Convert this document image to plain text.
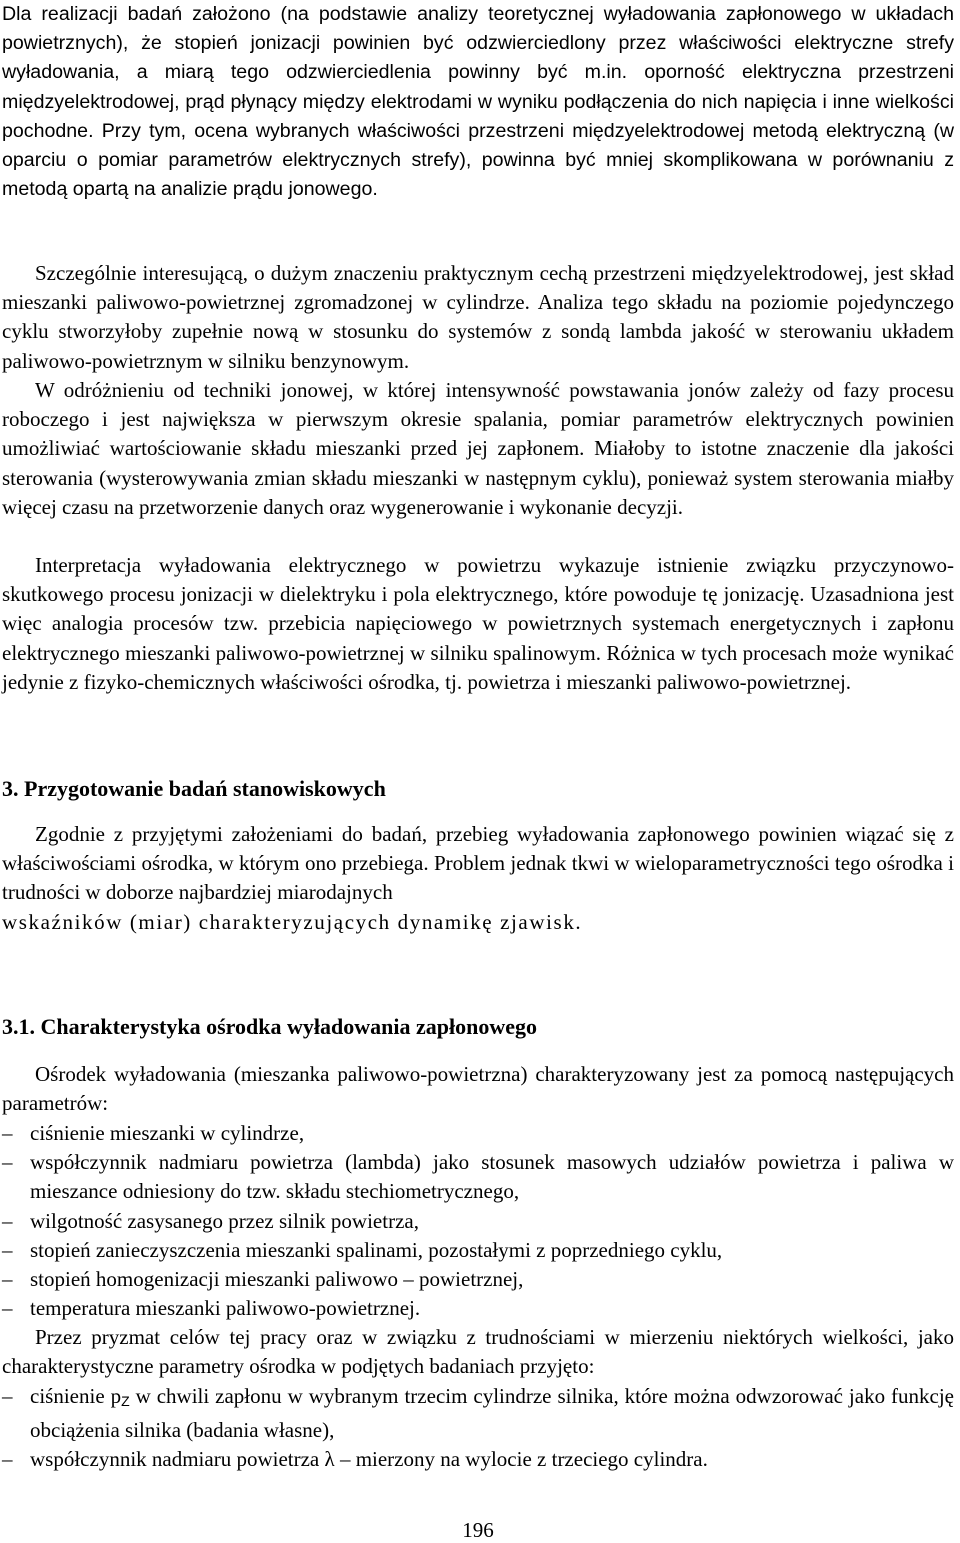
Dla realizacji badań założono (na podstawie analizy teoretycznej wyładowania zapłonowego w układach powietrznych), że stopień jonizacji powinien być odzwierciedlony przez właściwości elektryczne strefy wyładowania, a miarą tego odzwierciedlenia powinny być m.in. oporność elektryczna przestrzeni międzyelektrodowej, prąd płynący między elektrodami w wyniku podłączenia do nich napięcia i inne wielkości pochodne. Przy tym, ocena wybranych właściwości przestrzeni międzyelektrodowej metodą elektryczną (w oparciu o pomiar parametrów elektrycznych strefy), powinna być mniej skomplikowana w porównaniu z metodą opartą na analizie prądu jonowego.

Szczególnie interesującą, o dużym znaczeniu praktycznym cechą przestrzeni międzyelektrodowej, jest skład mieszanki paliwowo-powietrznej zgromadzonej w cylindrze. Analiza tego składu na poziomie pojedynczego cyklu stworzyłoby zupełnie nową w stosunku do systemów z sondą lambda jakość w sterowaniu układem paliwowo-powietrznym w silniku benzynowym.

W odróżnieniu od techniki jonowej, w której intensywność powstawania jonów zależy od fazy procesu roboczego i jest największa w pierwszym okresie spalania, pomiar parametrów elektrycznych powinien umożliwiać wartościowanie składu mieszanki przed jej zapłonem. Miałoby to istotne znaczenie dla jakości sterowania (wysterowywania zmian składu mieszanki w następnym cyklu), ponieważ system sterowania miałby więcej czasu na przetworzenie danych oraz wygenerowanie i wykonanie decyzji.

Interpretacja wyładowania elektrycznego w powietrzu wykazuje istnienie związku przyczynowo-skutkowego procesu jonizacji w dielektryku i pola elektrycznego, które powoduje tę jonizację. Uzasadniona jest więc analogia procesów tzw. przebicia napięciowego w powietrznych systemach energetycznych i zapłonu elektrycznego mieszanki paliwowo-powietrznej w silniku spalinowym. Różnica w tych procesach może wynikać jedynie z fizyko-chemicznych właściwości ośrodka, tj. powietrza i mieszanki paliwowo-powietrznej.

3. Przygotowanie badań stanowiskowych

Zgodnie z przyjętymi założeniami do badań, przebieg wyładowania zapłonowego powinien wiązać się z właściwościami ośrodka, w którym ono przebiega. Problem jednak tkwi w wieloparametryczności tego ośrodka i trudności w doborze najbardziej miarodajnych
wskaźników (miar) charakteryzujących dynamikę zjawisk.

3.1. Charakterystyka ośrodka wyładowania zapłonowego

Ośrodek wyładowania (mieszanka paliwowo-powietrzna) charakteryzowany jest za pomocą następujących parametrów:

– ciśnienie mieszanki w cylindrze,
– współczynnik nadmiaru powietrza (lambda) jako stosunek masowych udziałów powietrza i paliwa w mieszance odniesiony do tzw. składu stechiometrycznego,
– wilgotność zasysanego przez silnik powietrza,
– stopień zanieczyszczenia mieszanki spalinami, pozostałymi z poprzedniego cyklu,
– stopień homogenizacji mieszanki paliwowo – powietrznej,
– temperatura mieszanki paliwowo-powietrznej.

Przez pryzmat celów tej pracy oraz w związku z trudnościami w mierzeniu niektórych wielkości, jako charakterystyczne parametry ośrodka w podjętych badaniach przyjęto:

– ciśnienie $p_Z$ w chwili zapłonu w wybranym trzecim cylindrze silnika, które można odwzorować jako funkcję obciążenia silnika (badania własne),
– współczynnik nadmiaru powietrza λ – mierzony na wylocie z trzeciego cylindra.
196
